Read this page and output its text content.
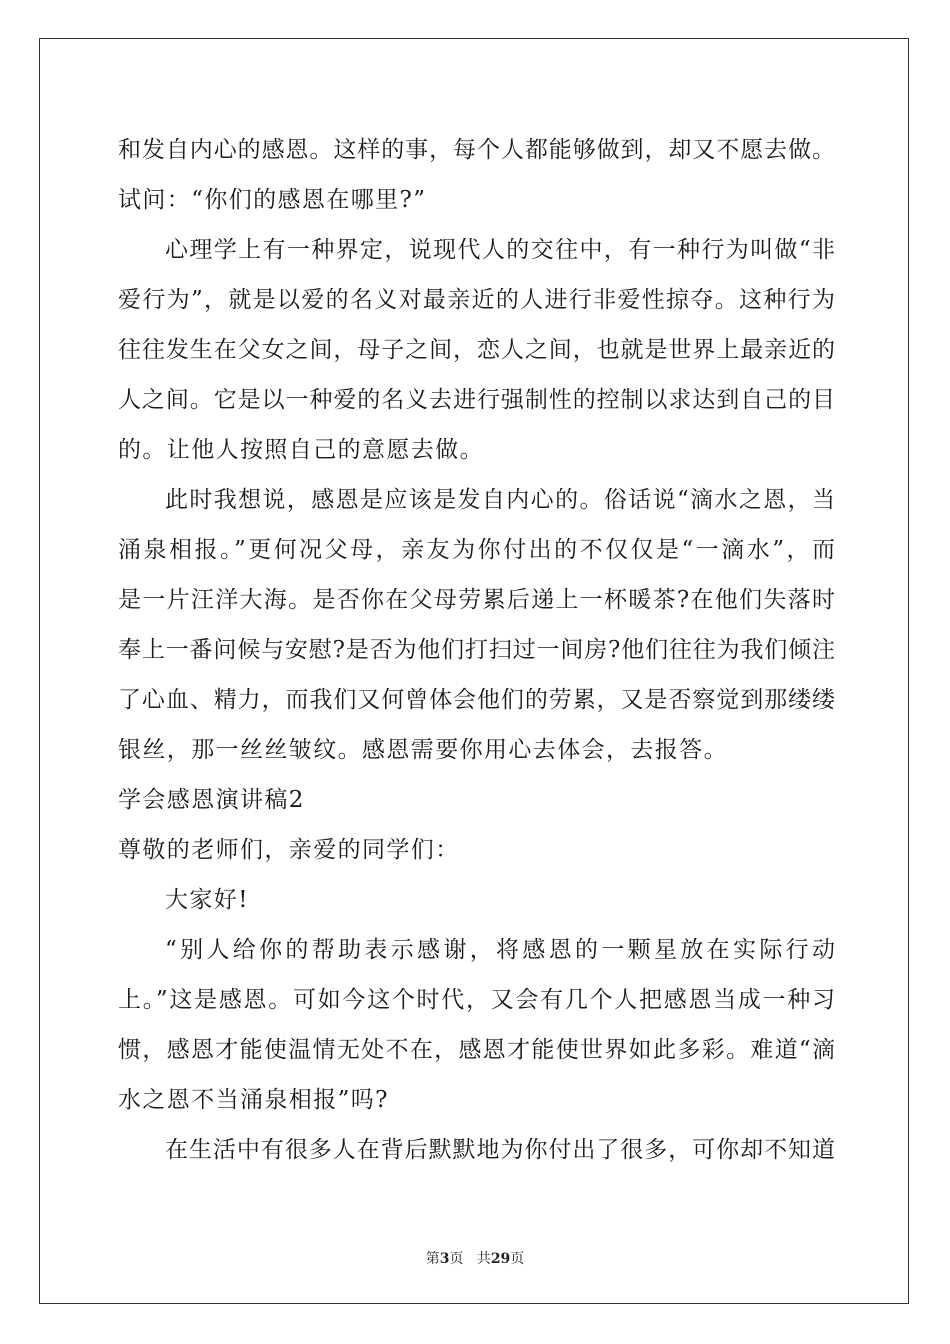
和发自内心的感恩。这样的事，每个人都能够做到，却又不愿去做。
试问：“你们的感恩在哪里?”
心理学上有一种界定，说现代人的交往中，有一种行为叫做“非
爱行为”，就是以爱的名义对最亲近的人进行非爱性掠夺。这种行为
往往发生在父女之间，母子之间，恋人之间，也就是世界上最亲近的
人之间。它是以一种爱的名义去进行强制性的控制以求达到自己的目
的。让他人按照自己的意愿去做。
此时我想说，感恩是应该是发自内心的。俗话说“滴水之恩，当
涌泉相报。”更何况父母，亲友为你付出的不仅仅是“一滴水”，而
是一片汪洋大海。是否你在父母劳累后递上一杯暖茶?在他们失落时
奉上一番问候与安慰?是否为他们打扫过一间房?他们往往为我们倾注
了心血、精力，而我们又何曾体会他们的劳累，又是否察觉到那缕缕
银丝，那一丝丝皱纹。感恩需要你用心去体会，去报答。
学会感恩演讲稿2
尊敬的老师们，亲爱的同学们：
大家好!
“别人给你的帮助表示感谢，将感恩的一颗星放在实际行动
上。”这是感恩。可如今这个时代，又会有几个人把感恩当成一种习
惯，感恩才能使温情无处不在，感恩才能使世界如此多彩。难道“滴
水之恩不当涌泉相报”吗?
在生活中有很多人在背后默默地为你付出了很多，可你却不知道
第3页 共29页
